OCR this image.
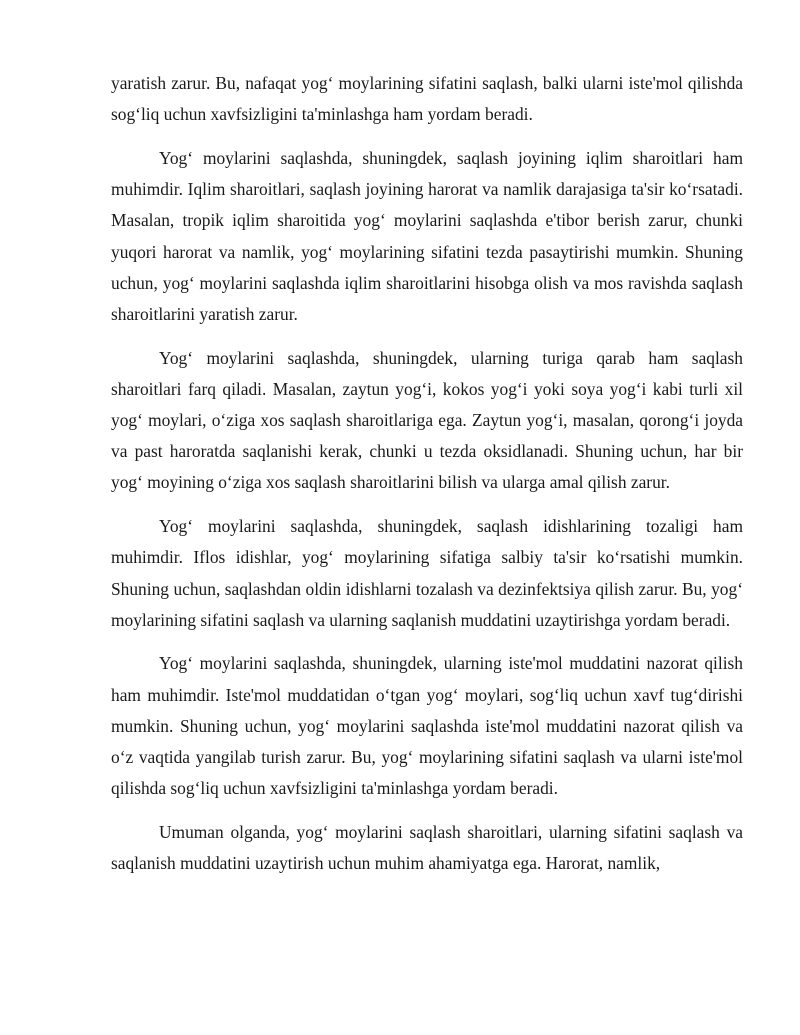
yaratish zarur. Bu, nafaqat yog‘ moylarining sifatini saqlash, balki ularni iste'mol qilishda sog‘liq uchun xavfsizligini ta'minlashga ham yordam beradi.

Yog‘ moylarini saqlashda, shuningdek, saqlash joyining iqlim sharoitlari ham muhimdir. Iqlim sharoitlari, saqlash joyining harorat va namlik darajasiga ta'sir ko‘rsatadi. Masalan, tropik iqlim sharoitida yog‘ moylarini saqlashda e'tibor berish zarur, chunki yuqori harorat va namlik, yog‘ moylarining sifatini tezda pasaytirishi mumkin. Shuning uchun, yog‘ moylarini saqlashda iqlim sharoitlarini hisobga olish va mos ravishda saqlash sharoitlarini yaratish zarur.

Yog‘ moylarini saqlashda, shuningdek, ularning turiga qarab ham saqlash sharoitlari farq qiladi. Masalan, zaytun yog‘i, kokos yog‘i yoki soya yog‘i kabi turli xil yog‘ moylari, o‘ziga xos saqlash sharoitlariga ega. Zaytun yog‘i, masalan, qorong‘i joyda va past haroratda saqlanishi kerak, chunki u tezda oksidlanadi. Shuning uchun, har bir yog‘ moyining o‘ziga xos saqlash sharoitlarini bilish va ularga amal qilish zarur.

Yog‘ moylarini saqlashda, shuningdek, saqlash idishlarining tozaligi ham muhimdir. Iflos idishlar, yog‘ moylarining sifatiga salbiy ta'sir ko‘rsatishi mumkin. Shuning uchun, saqlashdan oldin idishlarni tozalash va dezinfektsiya qilish zarur. Bu, yog‘ moylarining sifatini saqlash va ularning saqlanish muddatini uzaytirishga yordam beradi.

Yog‘ moylarini saqlashda, shuningdek, ularning iste'mol muddatini nazorat qilish ham muhimdir. Iste'mol muddatidan o‘tgan yog‘ moylari, sog‘liq uchun xavf tug‘dirishi mumkin. Shuning uchun, yog‘ moylarini saqlashda iste'mol muddatini nazorat qilish va o‘z vaqtida yangilab turish zarur. Bu, yog‘ moylarining sifatini saqlash va ularni iste'mol qilishda sog‘liq uchun xavfsizligini ta'minlashga yordam beradi.

Umuman olganda, yog‘ moylarini saqlash sharoitlari, ularning sifatini saqlash va saqlanish muddatini uzaytirish uchun muhim ahamiyatga ega. Harorat, namlik,
